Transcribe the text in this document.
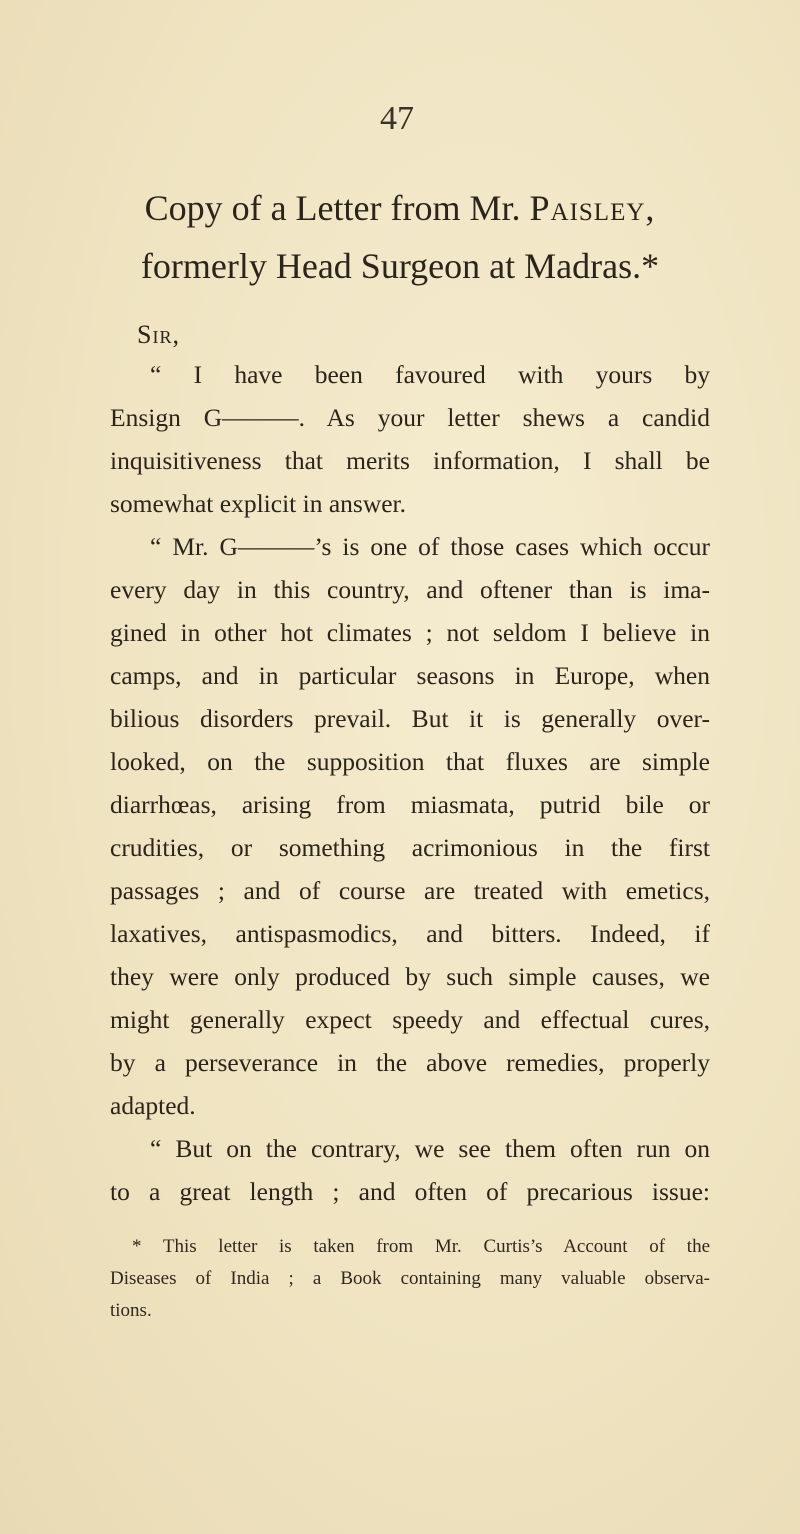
47
Copy of a Letter from Mr. Paisley,
formerly Head Surgeon at Madras.*
Sir,
“ I have been favoured with yours by
Ensign G———. As your letter shews a candid
inquisitiveness that merits information, I shall be
somewhat explicit in answer.
“ Mr. G———’s is one of those cases which occur
every day in this country, and oftener than is ima-
gined in other hot climates ; not seldom I believe in
camps, and in particular seasons in Europe, when
bilious disorders prevail. But it is generally over-
looked, on the supposition that fluxes are simple
diarrhœas, arising from miasmata, putrid bile or
crudities, or something acrimonious in the first
passages ; and of course are treated with emetics,
laxatives, antispasmodics, and bitters. Indeed, if
they were only produced by such simple causes, we
might generally expect speedy and effectual cures,
by a perseverance in the above remedies, properly
adapted.
“ But on the contrary, we see them often run on
to a great length ; and often of precarious issue:
* This letter is taken from Mr. Curtis’s Account of the
Diseases of India ; a Book containing many valuable observa-
tions.
